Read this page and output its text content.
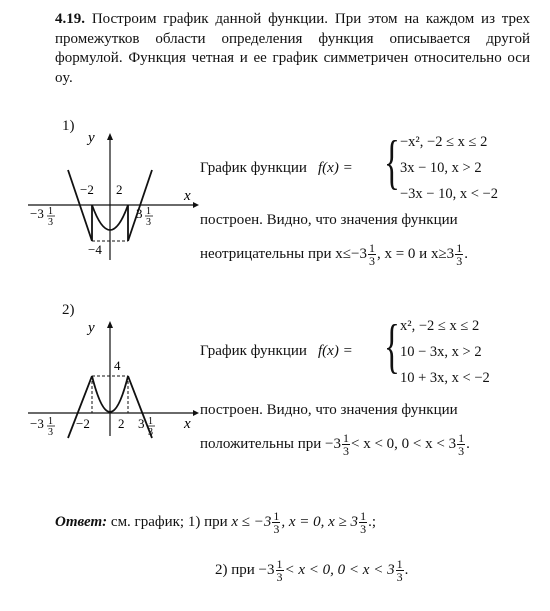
4.19. Построим график данной функции. При этом на каждом из трех промежутков области определения функция описывается другой формулой. Функция четная и ее график симметричен относительно оси oy.
1)
y
x
−2 2
−4
−3	3
1
3
1
3
График функции f(x) = { −x², −2 ≤ x ≤ 2
3x − 10, x > 2
−3x − 10, x < −2
построен. Видно, что значения функции
неотрицательны при $x\le-3 \frac{1}{3}$ , x = 0 и $x\ge 3 \frac{1}{3}$ .
2)
y
x
4
−2 2
−3	3
1
3
1
3
График функции f(x) = { x², −2 ≤ x ≤ 2
10 − 3x, x > 2
10 + 3x, x < −2
построен. Видно, что значения функции
положительны при $-3 \frac{1}{3} < x < 0$, $0 < x < 3 \frac{1}{3}$ .
Ответ: см. график; 1) при $x \le -3 \frac{1}{3}$ , x = 0, $x \ge 3 \frac{1}{3}$ .;
2) при $-3 \frac{1}{3} < x < 0$, $0 < x < 3 \frac{1}{3}$ .
